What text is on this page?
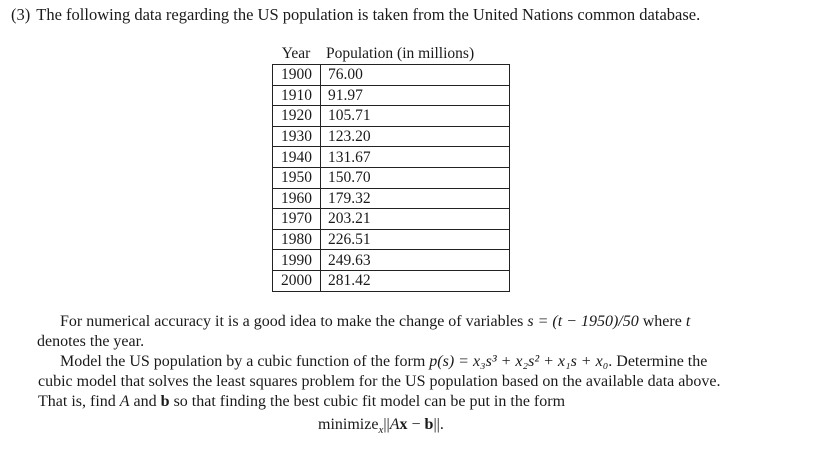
(3) The following data regarding the US population is taken from the United Nations common database.
Year	Population (in millions)
1900	76.00
1910	91.97
1920	105.71
1930	123.20
1940	131.67
1950	150.70
1960	179.32
1970	203.21
1980	226.51
1990	249.63
2000	281.42
For numerical accuracy it is a good idea to make the change of variables s = (t − 1950)/50 where t
denotes the year.
Model the US population by a cubic function of the form p(s) = x₃s³ + x₂s² + x₁s + x₀. Determine the
cubic model that solves the least squares problem for the US population based on the available data above.
That is, find A and b so that finding the best cubic fit model can be put in the form
minimize$_x$||Ax − b||.
